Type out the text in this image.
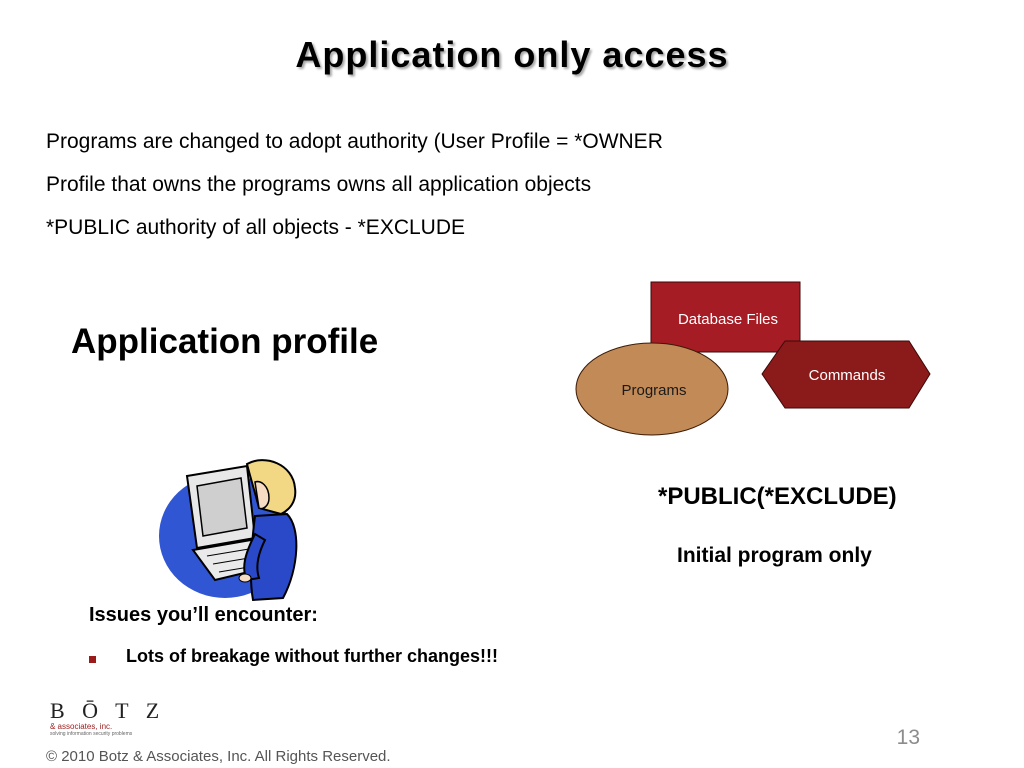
Application only access
Programs are changed to adopt authority (User Profile = *OWNER
Profile that owns the programs owns all application objects
*PUBLIC authority of all objects - *EXCLUDE
Application profile
Database Files
Commands
Programs
*PUBLIC(*EXCLUDE)
Initial program only
Issues you’ll encounter:
Lots of breakage without further changes!!!
B Ō T Z
& associates, inc.
solving information security problems	13
© 2010 Botz & Associates, Inc. All Rights Reserved.
